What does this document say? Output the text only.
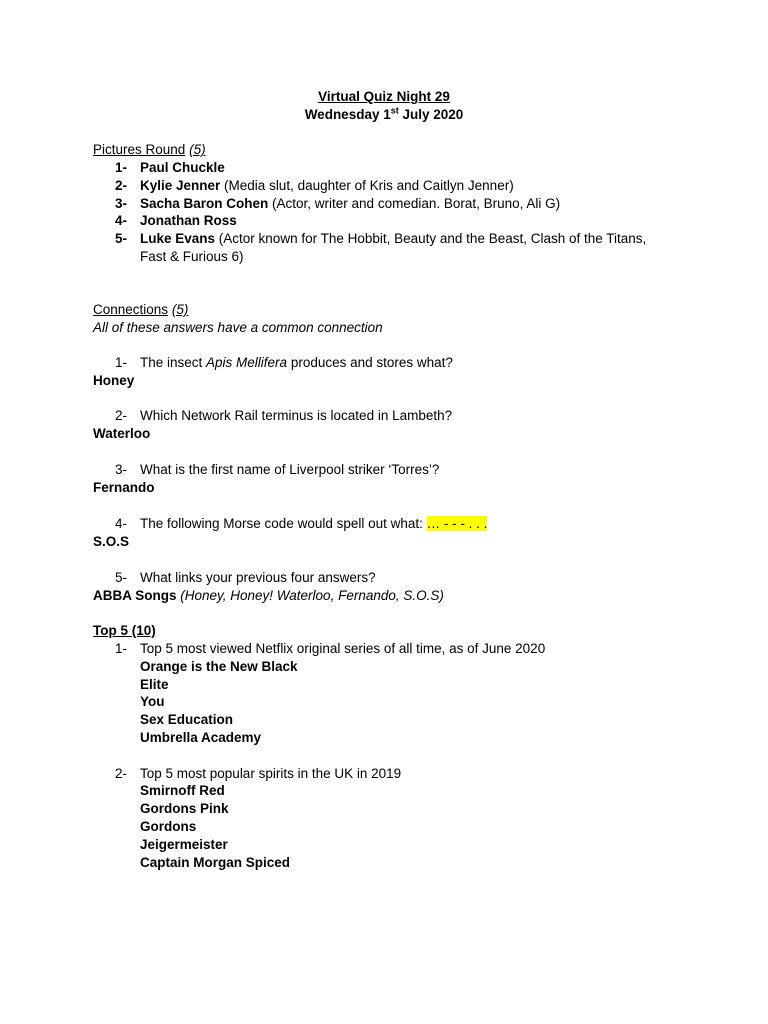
Virtual Quiz Night 29
Wednesday 1st July 2020
Pictures Round (5)
1- Paul Chuckle
2- Kylie Jenner (Media slut, daughter of Kris and Caitlyn Jenner)
3- Sacha Baron Cohen (Actor, writer and comedian. Borat, Bruno, Ali G)
4- Jonathan Ross
5- Luke Evans (Actor known for The Hobbit, Beauty and the Beast, Clash of the Titans,
Fast & Furious 6)
Connections (5)
All of these answers have a common connection
1- The insect Apis Mellifera produces and stores what?
Honey
2- Which Network Rail terminus is located in Lambeth?
Waterloo
3- What is the first name of Liverpool striker ‘Torres’?
Fernando
4- The following Morse code would spell out what: … - - - . . .
S.O.S
5- What links your previous four answers?
ABBA Songs (Honey, Honey! Waterloo, Fernando, S.O.S)
Top 5 (10)
1- Top 5 most viewed Netflix original series of all time, as of June 2020
Orange is the New Black
Elite
You
Sex Education
Umbrella Academy
2- Top 5 most popular spirits in the UK in 2019
Smirnoff Red
Gordons Pink
Gordons
Jeigermeister
Captain Morgan Spiced
